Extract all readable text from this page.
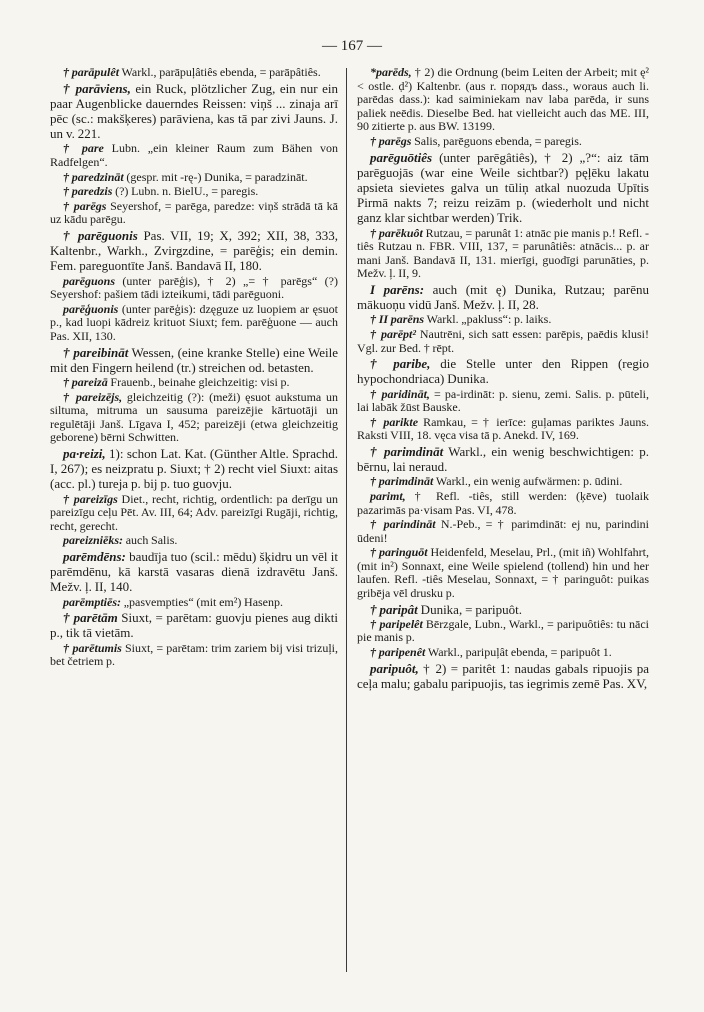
— 167 —

† parāpulêt Warkl., parāpuļâtiês ebenda, = parāpâtiês.

† parāviens, ein Ruck, plötzlicher Zug, ein nur ein paar Augenblicke dauerndes Reissen: viņš ... zinaja arī pēc (sc.: makšķeres) parāviena, kas tā par zivi Jauns. J. un v. 221.

† pare Lubn. „ein kleiner Raum zum Bähen von Radfelgen“.

† paredzināt (gespr. mit -rę-) Dunika, = paradzināt.

† paredzis (?) Lubn. n. BielU., = paregis.

† parēgs Seyershof, = parēga, paredze: viņš strādā tā kā uz kādu parēgu.

† parēguonis Pas. VII, 19; X, 392; XII, 38, 333, Kaltenbr., Warkh., Zvirgzdine, = parēģis; ein demin. Fem. pareguontīte Janš. Bandavā II, 180.

parēguons (unter parēģis), † 2) „= † parēgs“ (?) Seyershof: pašiem tādi izteikumi, tādi parēguoni.

parēģuonis (unter parēģis): dzęguze uz luopiem ar ęsuot p., kad luopi kādreiz krituot Siuxt; fem. parēģuone — auch Pas. XII, 130.

† pareibināt Wessen, (eine kranke Stelle) eine Weile mit den Fingern heilend (tr.) streichen od. betasten.

† pareizā Frauenb., beinahe gleichzeitig: visi p.

† pareizējs, gleichzeitig (?): (meži) ęsuot aukstuma un siltuma, mitruma un sausuma pareizējie kārtuotāji un regulētāji Janš. Līgava I, 452; pareizēji (etwa gleichzeitig geborene) bērni Schwitten.

pa·reizi, 1): schon Lat. Kat. (Günther Altle. Sprachd. I, 267); es neizpratu p. Siuxt; † 2) recht viel Siuxt: aitas (acc. pl.) tureja p. bij p. tuo guovju.

† pareizīgs Diet., recht, richtig, ordentlich: pa derīgu un pareizīgu ceļu Pēt. Av. III, 64; Adv. pareizīgi Rugāji, richtig, recht, gerecht.

pareizniēks: auch Salis.

parēmdēns: baudīja tuo (scil.: mēdu) šķidru un vēl it parēmdēnu, kā karstā vasaras dienā izdravētu Janš. Mežv. ļ. II, 140.

parēmptiēs: „pasvempties“ (mit em²) Hasenp.

† parētām Siuxt, = parētam: guovju pienes aug dikti p., tik tā vietām.

† parētumis Siuxt, = parētam: trim zariem bij visi trizuļi, bet četriem p.

*parēds, † 2) die Ordnung (beim Leiten der Arbeit; mit ę² < ostle. ḍ²) Kaltenbr. (aus r. порядъ dass., woraus auch li. parēdas dass.): kad saiminiekam nav laba parēda, ir suns paliek neēdis. Dieselbe Bed. hat vielleicht auch das ME. III, 90 zitierte p. aus BW. 13199.

† parēgs Salis, parēguons ebenda, = paregis.

parēguōtiês (unter parēgâtiês), † 2) „?“: aiz tām parēguojās (war eine Weile sichtbar?) pęļēku lakatu apsieta sievietes galva un tūliņ atkal nuozuda Upītis Pirmā nakts 7; reizu reizām p. (wiederholt und nicht ganz klar sichtbar werden) Trik.

† parēkuôt Rutzau, = parunât 1: atnāc pie manis p.! Refl. -tiês Rutzau n. FBR. VIII, 137, = parunâtiês: atnācis... p. ar mani Janš. Bandavā II, 131. mierīgi, guodīgi parunāties, p. Mežv. ļ. II, 9.

I parēns: auch (mit ę) Dunika, Rutzau; parēnu mākuoņu vidū Janš. Mežv. ļ. II, 28.

† II parēns Warkl. „pakluss“: p. laiks.

† parēpt² Nautrēni, sich satt essen: parēpis, paēdis klusi! Vgl. zur Bed. † rēpt.

† paribe, die Stelle unter den Rippen (regio hypochondriaca) Dunika.

† paridināt, = pa-irdināt: p. sienu, zemi. Salis. p. pūteli, lai labāk žūst Bauske.

† parikte Ramkau, = † ierīce: guļamas pariktes Jauns. Raksti VIII, 18. vęca visa tā p. Anekd. IV, 169.

† parimdināt Warkl., ein wenig beschwichtigen: p. bērnu, lai neraud.

† parimdināt Warkl., ein wenig aufwärmen: p. ūdini.

parimt, † Refl. -tiês, still werden: (ķēve) tuolaik pazarimās pa·visam Pas. VI, 478.

† parindināt N.-Peb., = † parimdināt: ej nu, parindini ūdeni!

† paringuōt Heidenfeld, Meselau, Prl., (mit iñ) Wohlfahrt, (mit in²) Sonnaxt, eine Weile spielend (tollend) hin und her laufen. Refl. -tiês Meselau, Sonnaxt, = † paringuôt: puikas gribēja vēl drusku p.

† paripât Dunika, = paripuôt.

† paripelêt Bērzgale, Lubn., Warkl., = paripuôtiês: tu nāci pie manis p.

† paripenêt Warkl., paripuļât ebenda, = paripuôt 1.

paripuôt, † 2) = paritêt 1: naudas gabals ripuojis pa ceļa malu; gabalu paripuojis, tas iegrimis zemē Pas. XV,
